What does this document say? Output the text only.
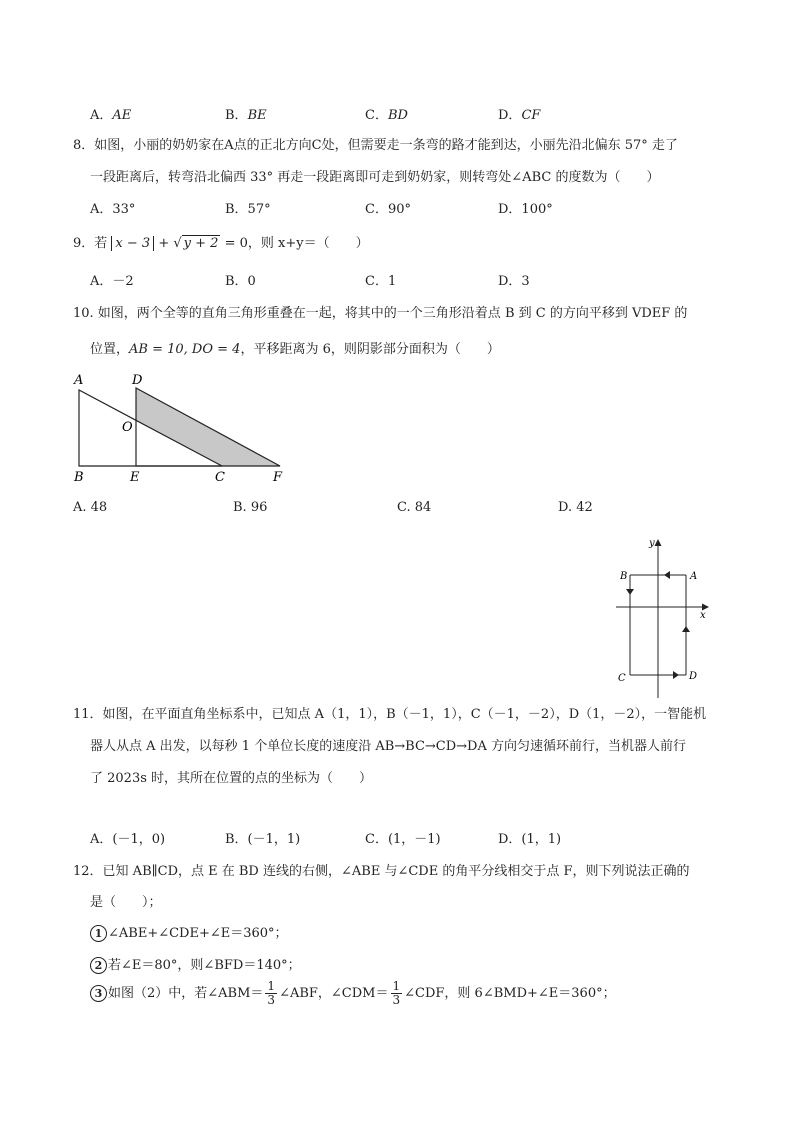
A．AE	B．BE	C．BD	D．CF
8．如图，小丽的奶奶家在A点的正北方向C处，但需要走一条弯的路才能到达，小丽先沿北偏东 57° 走了
一段距离后，转弯沿北偏西 33° 再走一段距离即可走到奶奶家，则转弯处∠ABC 的度数为（　　）
A．33°	B．57°	C．90°	D．100°
9．若 x − 3 + √ y + 2 = 0，则 x+y＝（　　）
A．－2	B．0	C．1	D．3
10. 如图，两个全等的直角三角形重叠在一起，将其中的一个三角形沿着点 B 到 C 的方向平移到 VDEF 的
位置，AB = 10, DO = 4，平移距离为 6，则阴影部分面积为（　　）
A	D
O
B	E	C	F
A. 48	B. 96	C. 84	D. 42
y
x
A
B
C	D
11．如图，在平面直角坐标系中，已知点 A（1，1），B（－1，1），C（－1，－2），D（1，－2），一智能机
器人从点 A 出发，以每秒 1 个单位长度的速度沿 AB→BC→CD→DA 方向匀速循环前行，当机器人前行
了 2023s 时，其所在位置的点的坐标为（　　）
A．(－1，0)	B．(－1，1)	C．(1，－1)	D．(1，1)
12．已知 AB∥CD，点 E 在 BD 连线的右侧，∠ABE 与∠CDE 的角平分线相交于点 F，则下列说法正确的
是（　　）；
1 ∠ABE+∠CDE+∠E＝360°；
2 若∠E＝80°，则∠BFD＝140°；
3 如图（2）中，若∠ABM＝ $\frac{1}{3}$ ∠ABF，∠CDM＝ $\frac{1}{3}$ ∠CDF，则 6∠BMD+∠E＝360°；
